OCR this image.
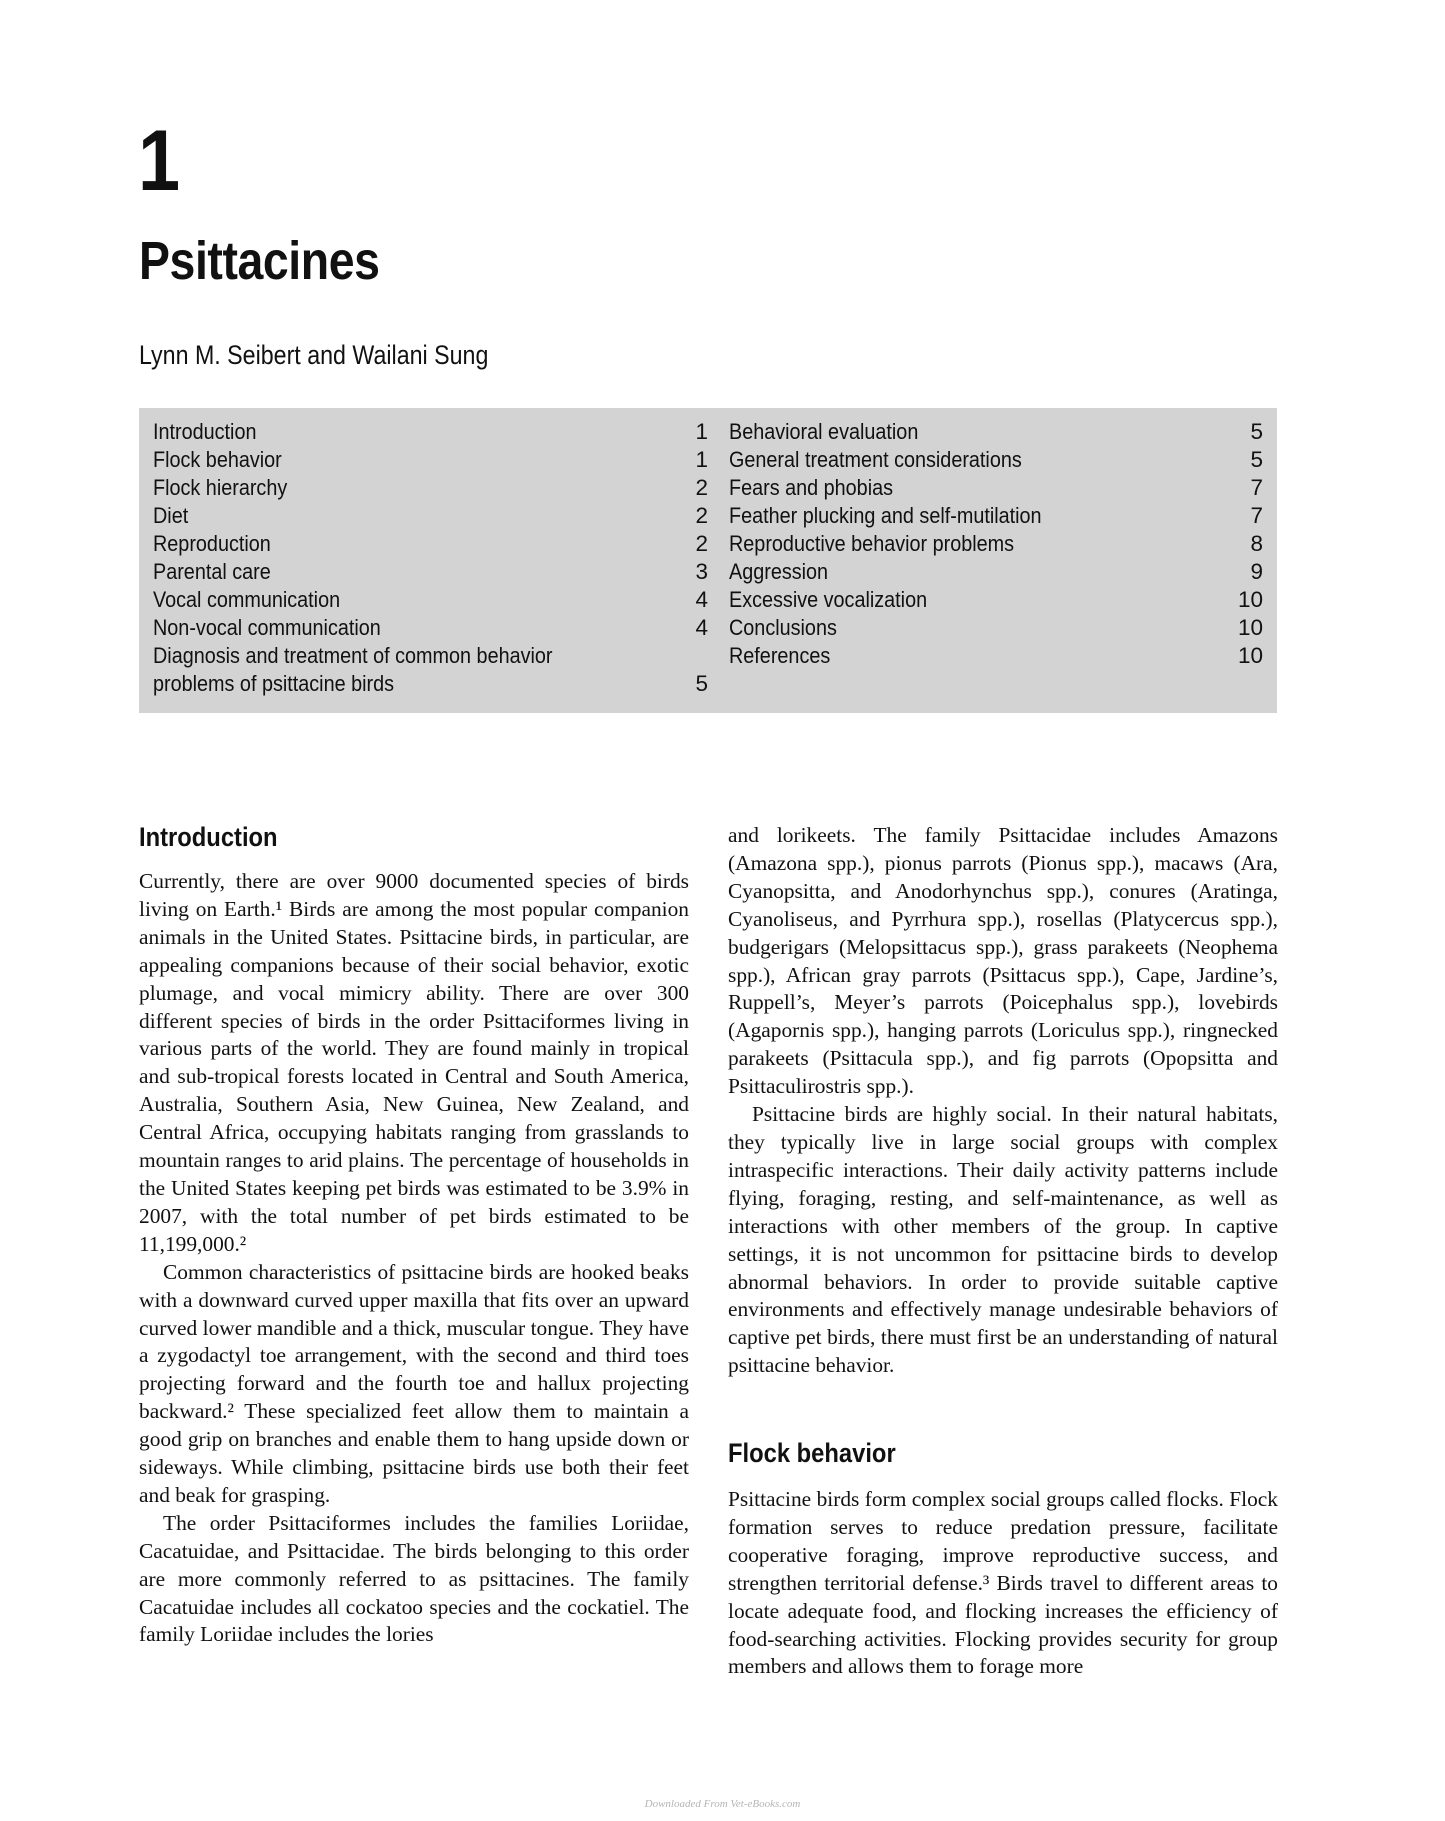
1
Psittacines
Lynn M. Seibert and Wailani Sung
Introduction	1
Flock behavior	1
Flock hierarchy	2
Diet	2
Reproduction	2
Parental care	3
Vocal communication	4
Non-vocal communication	4
Diagnosis and treatment of common behavior problems of psittacine birds	5
Behavioral evaluation	5
General treatment considerations	5
Fears and phobias	7
Feather plucking and self-mutilation	7
Reproductive behavior problems	8
Aggression	9
Excessive vocalization	10
Conclusions	10
References	10
Introduction

Currently, there are over 9000 documented species of birds living on Earth.¹ Birds are among the most popular companion animals in the United States. Psittacine birds, in particular, are appealing companions because of their social behavior, exotic plumage, and vocal mimicry ability. There are over 300 different species of birds in the order Psittaciformes living in various parts of the world. They are found mainly in tropical and sub-tropical forests located in Central and South America, Australia, Southern Asia, New Guinea, New Zealand, and Central Africa, occupying habitats ranging from grasslands to mountain ranges to arid plains. The percentage of households in the United States keeping pet birds was estimated to be 3.9% in 2007, with the total number of pet birds estimated to be 11,199,000.²

Common characteristics of psittacine birds are hooked beaks with a downward curved upper maxilla that fits over an upward curved lower mandible and a thick, muscular tongue. They have a zygodactyl toe arrangement, with the second and third toes projecting forward and the fourth toe and hallux projecting backward.² These specialized feet allow them to maintain a good grip on branches and enable them to hang upside down or sideways. While climbing, psittacine birds use both their feet and beak for grasping.

The order Psittaciformes includes the families Loriidae, Cacatuidae, and Psittacidae. The birds belonging to this order are more commonly referred to as psittacines. The family Cacatuidae includes all cockatoo species and the cockatiel. The family Loriidae includes the lories

and lorikeets. The family Psittacidae includes Amazons (Amazona spp.), pionus parrots (Pionus spp.), macaws (Ara, Cyanopsitta, and Anodorhynchus spp.), conures (Aratinga, Cyanoliseus, and Pyrrhura spp.), rosellas (Platycercus spp.), budgerigars (Melopsittacus spp.), grass parakeets (Neophema spp.), African gray parrots (Psittacus spp.), Cape, Jardine’s, Ruppell’s, Meyer’s parrots (Poicephalus spp.), lovebirds (Agapornis spp.), hanging parrots (Loriculus spp.), ringnecked parakeets (Psittacula spp.), and fig parrots (Opopsitta and Psittaculirostris spp.).

Psittacine birds are highly social. In their natural habitats, they typically live in large social groups with complex intraspecific interactions. Their daily activity patterns include flying, foraging, resting, and self-maintenance, as well as interactions with other members of the group. In captive settings, it is not uncommon for psittacine birds to develop abnormal behaviors. In order to provide suitable captive environments and effectively manage undesirable behaviors of captive pet birds, there must first be an understanding of natural psittacine behavior.

Flock behavior

Psittacine birds form complex social groups called flocks. Flock formation serves to reduce predation pressure, facilitate cooperative foraging, improve reproductive success, and strengthen territorial defense.³ Birds travel to different areas to locate adequate food, and flocking increases the efficiency of food-searching activities. Flocking provides security for group members and allows them to forage more

Downloaded From Vet-eBooks.com
